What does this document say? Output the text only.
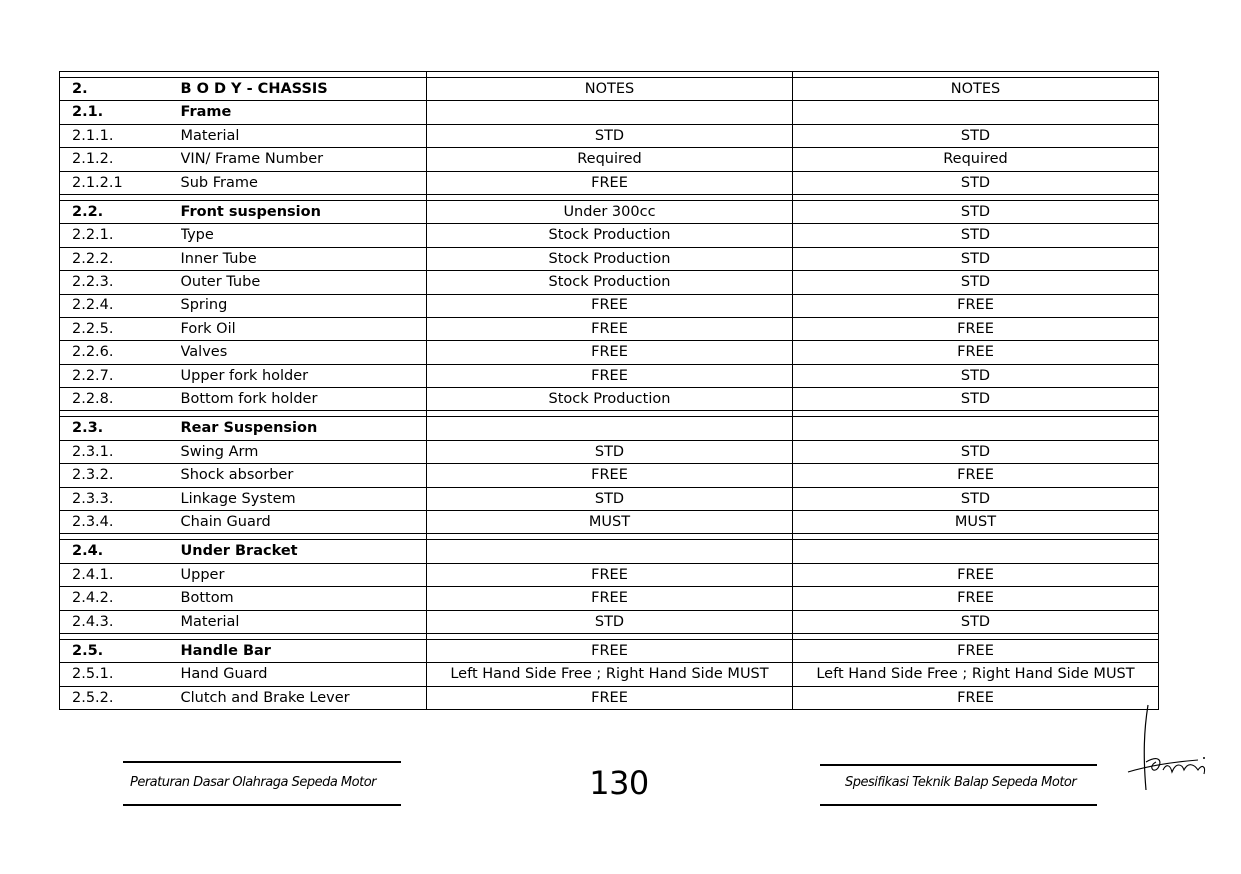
2.	B O D Y - CHASSIS	NOTES	NOTES
2.1.	Frame		
2.1.1.	Material	STD	STD
2.1.2.	VIN/ Frame Number	Required	Required
2.1.2.1	Sub Frame	FREE	STD

2.2.	Front suspension	Under 300cc	STD
2.2.1.	Type	Stock Production	STD
2.2.2.	Inner Tube	Stock Production	STD
2.2.3.	Outer Tube	Stock Production	STD
2.2.4.	Spring	FREE	FREE
2.2.5.	Fork Oil	FREE	FREE
2.2.6.	Valves	FREE	FREE
2.2.7.	Upper fork holder	FREE	STD
2.2.8.	Bottom fork holder	Stock Production	STD

2.3.	Rear Suspension		
2.3.1.	Swing Arm	STD	STD
2.3.2.	Shock absorber	FREE	FREE
2.3.3.	Linkage System	STD	STD
2.3.4.	Chain Guard	MUST	MUST

2.4.	Under Bracket		
2.4.1.	Upper	FREE	FREE
2.4.2.	Bottom	FREE	FREE
2.4.3.	Material	STD	STD

2.5.	Handle Bar	FREE	FREE
2.5.1.	Hand Guard	Left Hand Side Free ; Right Hand Side MUST	Left Hand Side Free ; Right Hand Side MUST
2.5.2.	Clutch and Brake Lever	FREE	FREE
Peraturan Dasar Olahraga Sepeda Motor	130	Spesifikasi Teknik Balap Sepeda Motor
